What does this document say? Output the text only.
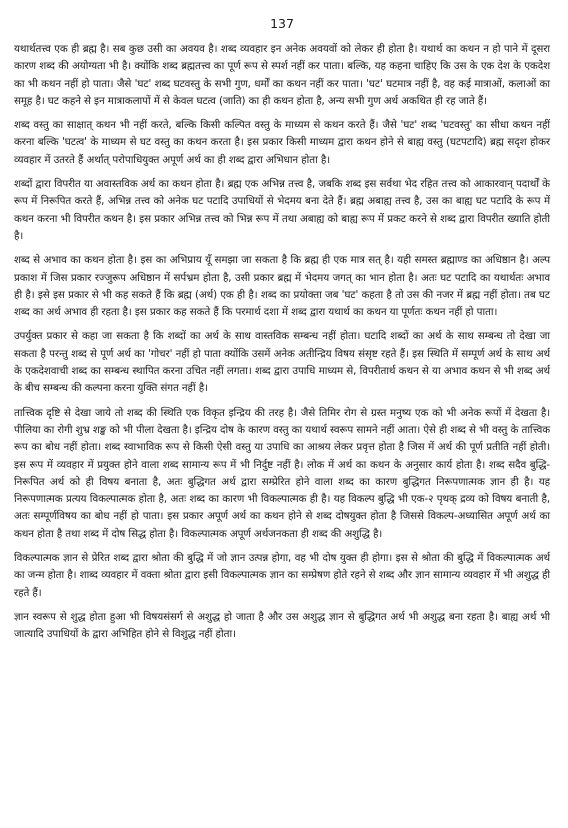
137

यथार्थतत्त्व एक ही ब्रह्म है। सब कुछ उसी का अवयव है। शब्द व्यवहार इन अनेक अवयवों को लेकर ही होता है। यथार्थ का कथन न हो पाने में दूसरा कारण शब्द की अयोग्यता भी है। क्योंकि शब्द ब्रह्मतत्त्व का पूर्ण रूप से स्पर्श नहीं कर पाता। बल्कि, यह कहना चाहिए कि उस के एक देश के एकदेश का भी कथन नहीं हो पाता। जैसे 'घट' शब्द घटवस्तु के सभी गुण, धर्मों का कथन नहीं कर पाता। 'घट' घटमात्र नहीं है, वह कई मात्राओं, कलाओं का समूह है। घट कहने से इन मात्राकलापों में से केवल घटत्व (जाति) का ही कथन होता है, अन्य सभी गुण अर्थ अकथित ही रह जाते हैं।

शब्द वस्तु का साक्षात् कथन भी नहीं करते, बल्कि किसी कल्पित वस्तु के माध्यम से कथन करते हैं। जैसे 'घट' शब्द 'घटवस्तु' का सीधा कथन नहीं करना बल्कि 'घटत्व' के माध्यम से घट वस्तु का कथन करता है। इस प्रकार किसी माध्यम द्वारा कथन होने से बाह्य वस्तु (घटपटादि) ब्रह्म सदृश होकर व्यवहार में उतरते हैं अर्थात् परोपाधियुक्त अपूर्ण अर्थ का ही शब्द द्वारा अभिधान होता है।

शब्दों द्वारा विपरीत या अवास्तविक अर्थ का कथन होता है। ब्रह्म एक अभिन्न तत्त्व है, जबकि शब्द इस सर्वथा भेद रहित तत्त्व को आकारवान् पदार्थों के रूप में निरूपित करते हैं, अभिन्न तत्त्व को अनेक घट पटादि उपाधियों से भेदमय बना देते हैं। ब्रह्म अबाह्य तत्त्व है, उस का बाह्य घट पटादि के रूप में कथन करना भी विपरीत कथन है। इस प्रकार अभिन्न तत्त्व को भिन्न रूप में तथा अबाह्य को बाह्य रूप में प्रकट करने से शब्द द्वारा विपरीत ख्याति होती है।

शब्द से अभाव का कथन होता है। इस का अभिप्राय यूँ समझा जा सकता है कि ब्रह्म ही एक मात्र सत् है। यही समस्त ब्रह्माण्ड का अधिष्ठान है। अल्प प्रकाश में जिस प्रकार रज्जुरूप अधिष्ठान में सर्पभ्रम होता है, उसी प्रकार ब्रह्म में भेदमय जगत् का भान होता है। अतः घट पटादि का यथार्थतः अभाव ही है। इसे इस प्रकार से भी कह सकते हैं कि ब्रह्म (अर्थ) एक ही है। शब्द का प्रयोक्ता जब 'घट' कहता है तो उस की नजर में ब्रह्म नहीं होता। तब घट शब्द का अर्थ अभाव ही रहता है। इस प्रकार कह सकते हैं कि परमार्थ दशा में शब्द द्वारा यथार्थ का कथन या पूर्णतः कथन नहीं हो पाता।

उपर्युक्त प्रकार से कहा जा सकता है कि शब्दों का अर्थ के साथ वास्तविक सम्बन्ध नहीं होता। घटादि शब्दों का अर्थ के साथ सम्बन्ध तो देखा जा सकता है परन्तु शब्द से पूर्ण अर्थ का 'गोचर' नहीं हो पाता क्योंकि उसमें अनेक अतीन्द्रिय विषय संसृष्ट रहते हैं। इस स्थिति में सम्पूर्ण अर्थ के साथ अर्थ के एकदेशवाची शब्द का सम्बन्ध स्थापित करना उचित नहीं लगता। शब्द द्वारा उपाधि माध्यम से, विपरीतार्थ कथन से या अभाव कथन से भी शब्द अर्थ के बीच सम्बन्ध की कल्पना करना युक्ति संगत नहीं है।

तात्त्विक दृष्टि से देखा जाये तो शब्द की स्थिति एक विकृत इन्द्रिय की तरह है। जैसे तिमिर रोग से ग्रस्त मनुष्य एक को भी अनेक रूपों में देखता है। पीलिया का रोगी शुभ्र शङ्ख को भी पीला देखता है। इन्द्रिय दोष के कारण वस्तु का यथार्थ स्वरूप सामने नहीं आता। ऐसे ही शब्द से भी वस्तु के तात्त्विक रूप का बोध नहीं होता। शब्द स्वाभाविक रूप से किसी ऐसी वस्तु या उपाधि का आश्रय लेकर प्रवृत्त होता है जिस में अर्थ की पूर्ण प्रतीति नहीं होती। इस रूप में व्यवहार में प्रयुक्त होने वाला शब्द सामान्य रूप में भी निर्दुष्ट नहीं है। लोक में अर्थ का कथन के अनुसार कार्य होता है। शब्द सदैव बुद्धि-निरूपित अर्थ को ही विषय बनाता है, अतः बुद्धिगत अर्थ द्वारा सम्प्रेरित होने वाला शब्द का कारण बुद्धिगत निरूपणात्मक ज्ञान ही है। यह निरूपणात्मक प्रत्यय विकल्पात्मक होता है, अतः शब्द का कारण भी विकल्पात्मक ही है। यह विकल्प बुद्धि भी एक-२ पृथक् द्रव्य को विषय बनाती है, अतः सम्पूर्णविषय का बोध नहीं हो पाता। इस प्रकार अपूर्ण अर्थ का कथन होने से शब्द दोषयुक्त होता है जिससे विकल्प-अध्यासित अपूर्ण अर्थ का कथन होता है तथा शब्द में दोष सिद्ध होता है। विकल्पात्मक अपूर्ण अर्थजनकता ही शब्द की अशुद्धि है।

विकल्पात्मक ज्ञान से प्रेरित शब्द द्वारा श्रोता की बुद्धि में जो ज्ञान उत्पन्न होगा, वह भी दोष युक्त ही होगा। इस से श्रोता की बुद्धि में विकल्पात्मक अर्थ का जन्म होता है। शाब्द व्यवहार में वक्ता श्रोता द्वारा इसी विकल्पात्मक ज्ञान का सम्प्रेषण होते रहने से शब्द और ज्ञान सामान्य व्यवहार में भी अशुद्ध ही रहते हैं।

ज्ञान स्वरूप से शुद्ध होता हुआ भी विषयसंसर्ग से अशुद्ध हो जाता है और उस अशुद्ध ज्ञान से बुद्धिगत अर्थ भी अशुद्ध बना रहता है। बाह्य अर्थ भी जात्यादि उपाधियों के द्वारा अभिहित होने से विशुद्ध नहीं होता।
